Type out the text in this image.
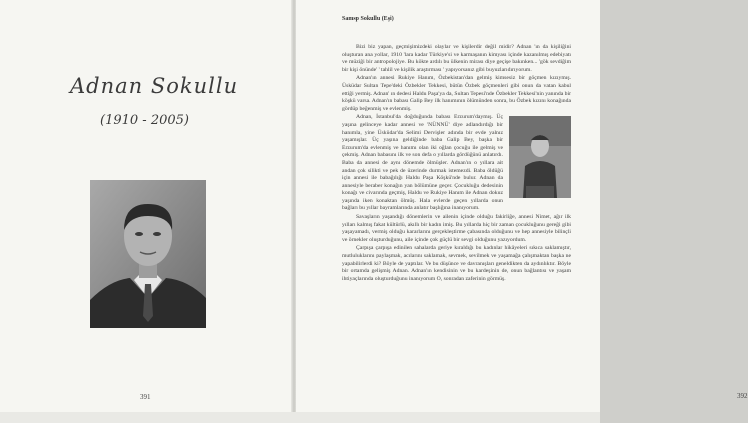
Adnan Sokullu
(1910 - 2005)
391
Samsp Sokullu (Eşi)

Bizi biz yapan, geçmişimizdeki olaylar ve kişilerdir değil midir? Adnan 'ın da kişiliğini oluşturan ana yollar, 1910 'lara kadar Türkiye'si ve karmaşanın kimyası içinde kazanılmış edebiyatı ve müziği bir antropolojiye. Bu kökte ardılı bu ülkenin mirası diye geçişe bakınken... 'gök sevdiğim bir kişi önünde' ' tahlil ve kişilik araştırması ' yapıyorsanız gibi buyuzlarıdırıyorum.

Adnan'ın annesi Rukiye Hanım, Özbekistan'dan gelmiş kimsesiz bir göçmen kızıymış. Üsküdar Sultan Tepe'deki Özbekler Tekkesi, bütün Özbek göçmenleri gibi onun da vatan kabul ettiği yermiş. Adnan' ın dedesi Haldu Paşa'ya da, Sultan Tepesi'nde Özbekler Tekkesi'nin yanında bir köşkü varsa. Adnan'ın babası Galip Bey ilk hanımının ölümünden sonra, bu Özbek kızını konağında gördüp beğenmiş ve evlenmiş.

Adnan, İstanbul'da doğduğunda babası Erzurum'daymış. Üç yaşına gelinceye kadar annesi ve 'NÜNNÜ' diye adlandırdığı bir hanımla, yine Üsküdar'da Selimi Dervişler adında bir evde yalnız yaşamışlar. Üç yaşına geldiğinde baba Galip Bey, başka bir Erzurum'da evlenmiş ve hanımı olan iki oğlan çocuğu ile gelmiş ve çekmiş. Adnan babasını ilk ve son defa o yıllarda gördüğünü anlatırdı. Baba da annesi de aynı dönemde ölmüşler. Adnan'ın o yıllara ait andan çok silikti ve pek de üzerinde durmak istemezdi. Baba öldüğü için annesi ile babağılığı Haldu Paşa Köşkü'nde bulur. Adnan da annesiyle beraber konağın yan bölümüne geçer. Çocukluğu dedesinin konağı ve civarında geçmiş, Haldu ve Rukiye Hanım ile Adnan dokuz yaşında iken konaktan ölmüş. Hala evlerde geçen yıllarda onun bağları bu yıllar bayramlarında anlatır başlığına inanıyorum.

Savaşların yaşandığı dönemlerin ve ailenin içinde olduğu fakirliğe, annesi Nimet, ağır ilk yılları kalmış fakat kültürlü, akıllı bir kadın imiş. Bu yıllarda hiç bir zaman çocukluğunu gereği gibi yaşayamadı, vermiş olduğu kararlarını gerçekleştirme çabasında olduğunu ve hep annesiyle bilinçli ve örnekler oluşturduğunu, aile içinde çok güçlü bir sevgi olduğunu yazıyordum.

Çarpışa çarpışa edinilen sahalarda geriye kıraldığı bu kadınlar hikâyeleri sıkıca saklamıştır, mutluluklarını paylaşmak, acılarını saklamak, sevmek, sevilmek ve yaşamağa çalışmaktan başka ne yapabilirlerdi ki? Böyle de yaptılar. Ve bu düşünce ve davranışları geneldikten da aydınlıktır. Böyle bir ortamda gelişmiş Adnan. Adnan'ın kendisinin ve bu kardeşinin de, onun bağlantısı ve yaşam ihtiyaçlarında oluşturduğunu inanıyorum O, sonradan zaferinin görmüş.

392
